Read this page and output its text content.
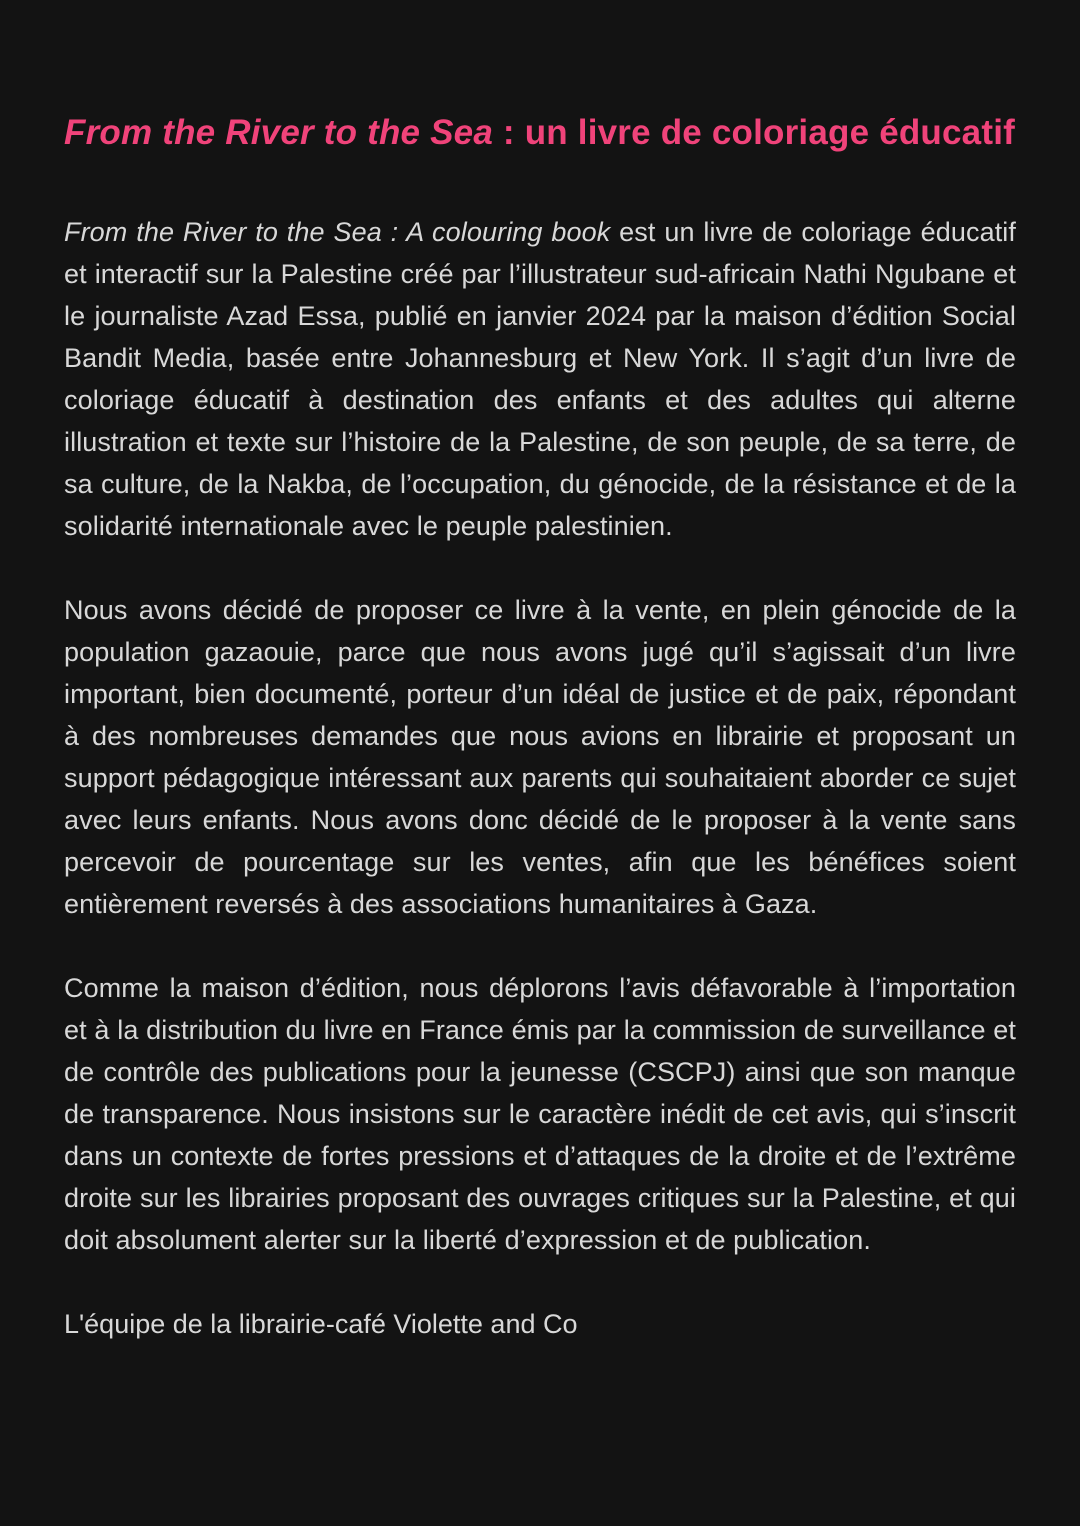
From the River to the Sea : un livre de coloriage éducatif

From the River to the Sea : A colouring book est un livre de coloriage éducatif et interactif sur la Palestine créé par l’illustrateur sud-africain Nathi Ngubane et le journaliste Azad Essa, publié en janvier 2024 par la maison d’édition Social Bandit Media, basée entre Johannesburg et New York. Il s’agit d’un livre de coloriage éducatif à destination des enfants et des adultes qui alterne illustration et texte sur l’histoire de la Palestine, de son peuple, de sa terre, de sa culture, de la Nakba, de l’occupation, du génocide, de la résistance et de la solidarité internationale avec le peuple palestinien.

Nous avons décidé de proposer ce livre à la vente, en plein génocide de la population gazaouie, parce que nous avons jugé qu’il s’agissait d’un livre important, bien documenté, porteur d’un idéal de justice et de paix, répondant à des nombreuses demandes que nous avions en librairie et proposant un support pédagogique intéressant aux parents qui souhaitaient aborder ce sujet avec leurs enfants. Nous avons donc décidé de le proposer à la vente sans percevoir de pourcentage sur les ventes, afin que les bénéfices soient entièrement reversés à des associations humanitaires à Gaza.

Comme la maison d’édition, nous déplorons l’avis défavorable à l’importation et à la distribution du livre en France émis par la commission de surveillance et de contrôle des publications pour la jeunesse (CSCPJ) ainsi que son manque de transparence. Nous insistons sur le caractère inédit de cet avis, qui s’inscrit dans un contexte de fortes pressions et d’attaques de la droite et de l’extrême droite sur les librairies proposant des ouvrages critiques sur la Palestine, et qui doit absolument alerter sur la liberté d’expression et de publication.

L'équipe de la librairie-café Violette and Co
